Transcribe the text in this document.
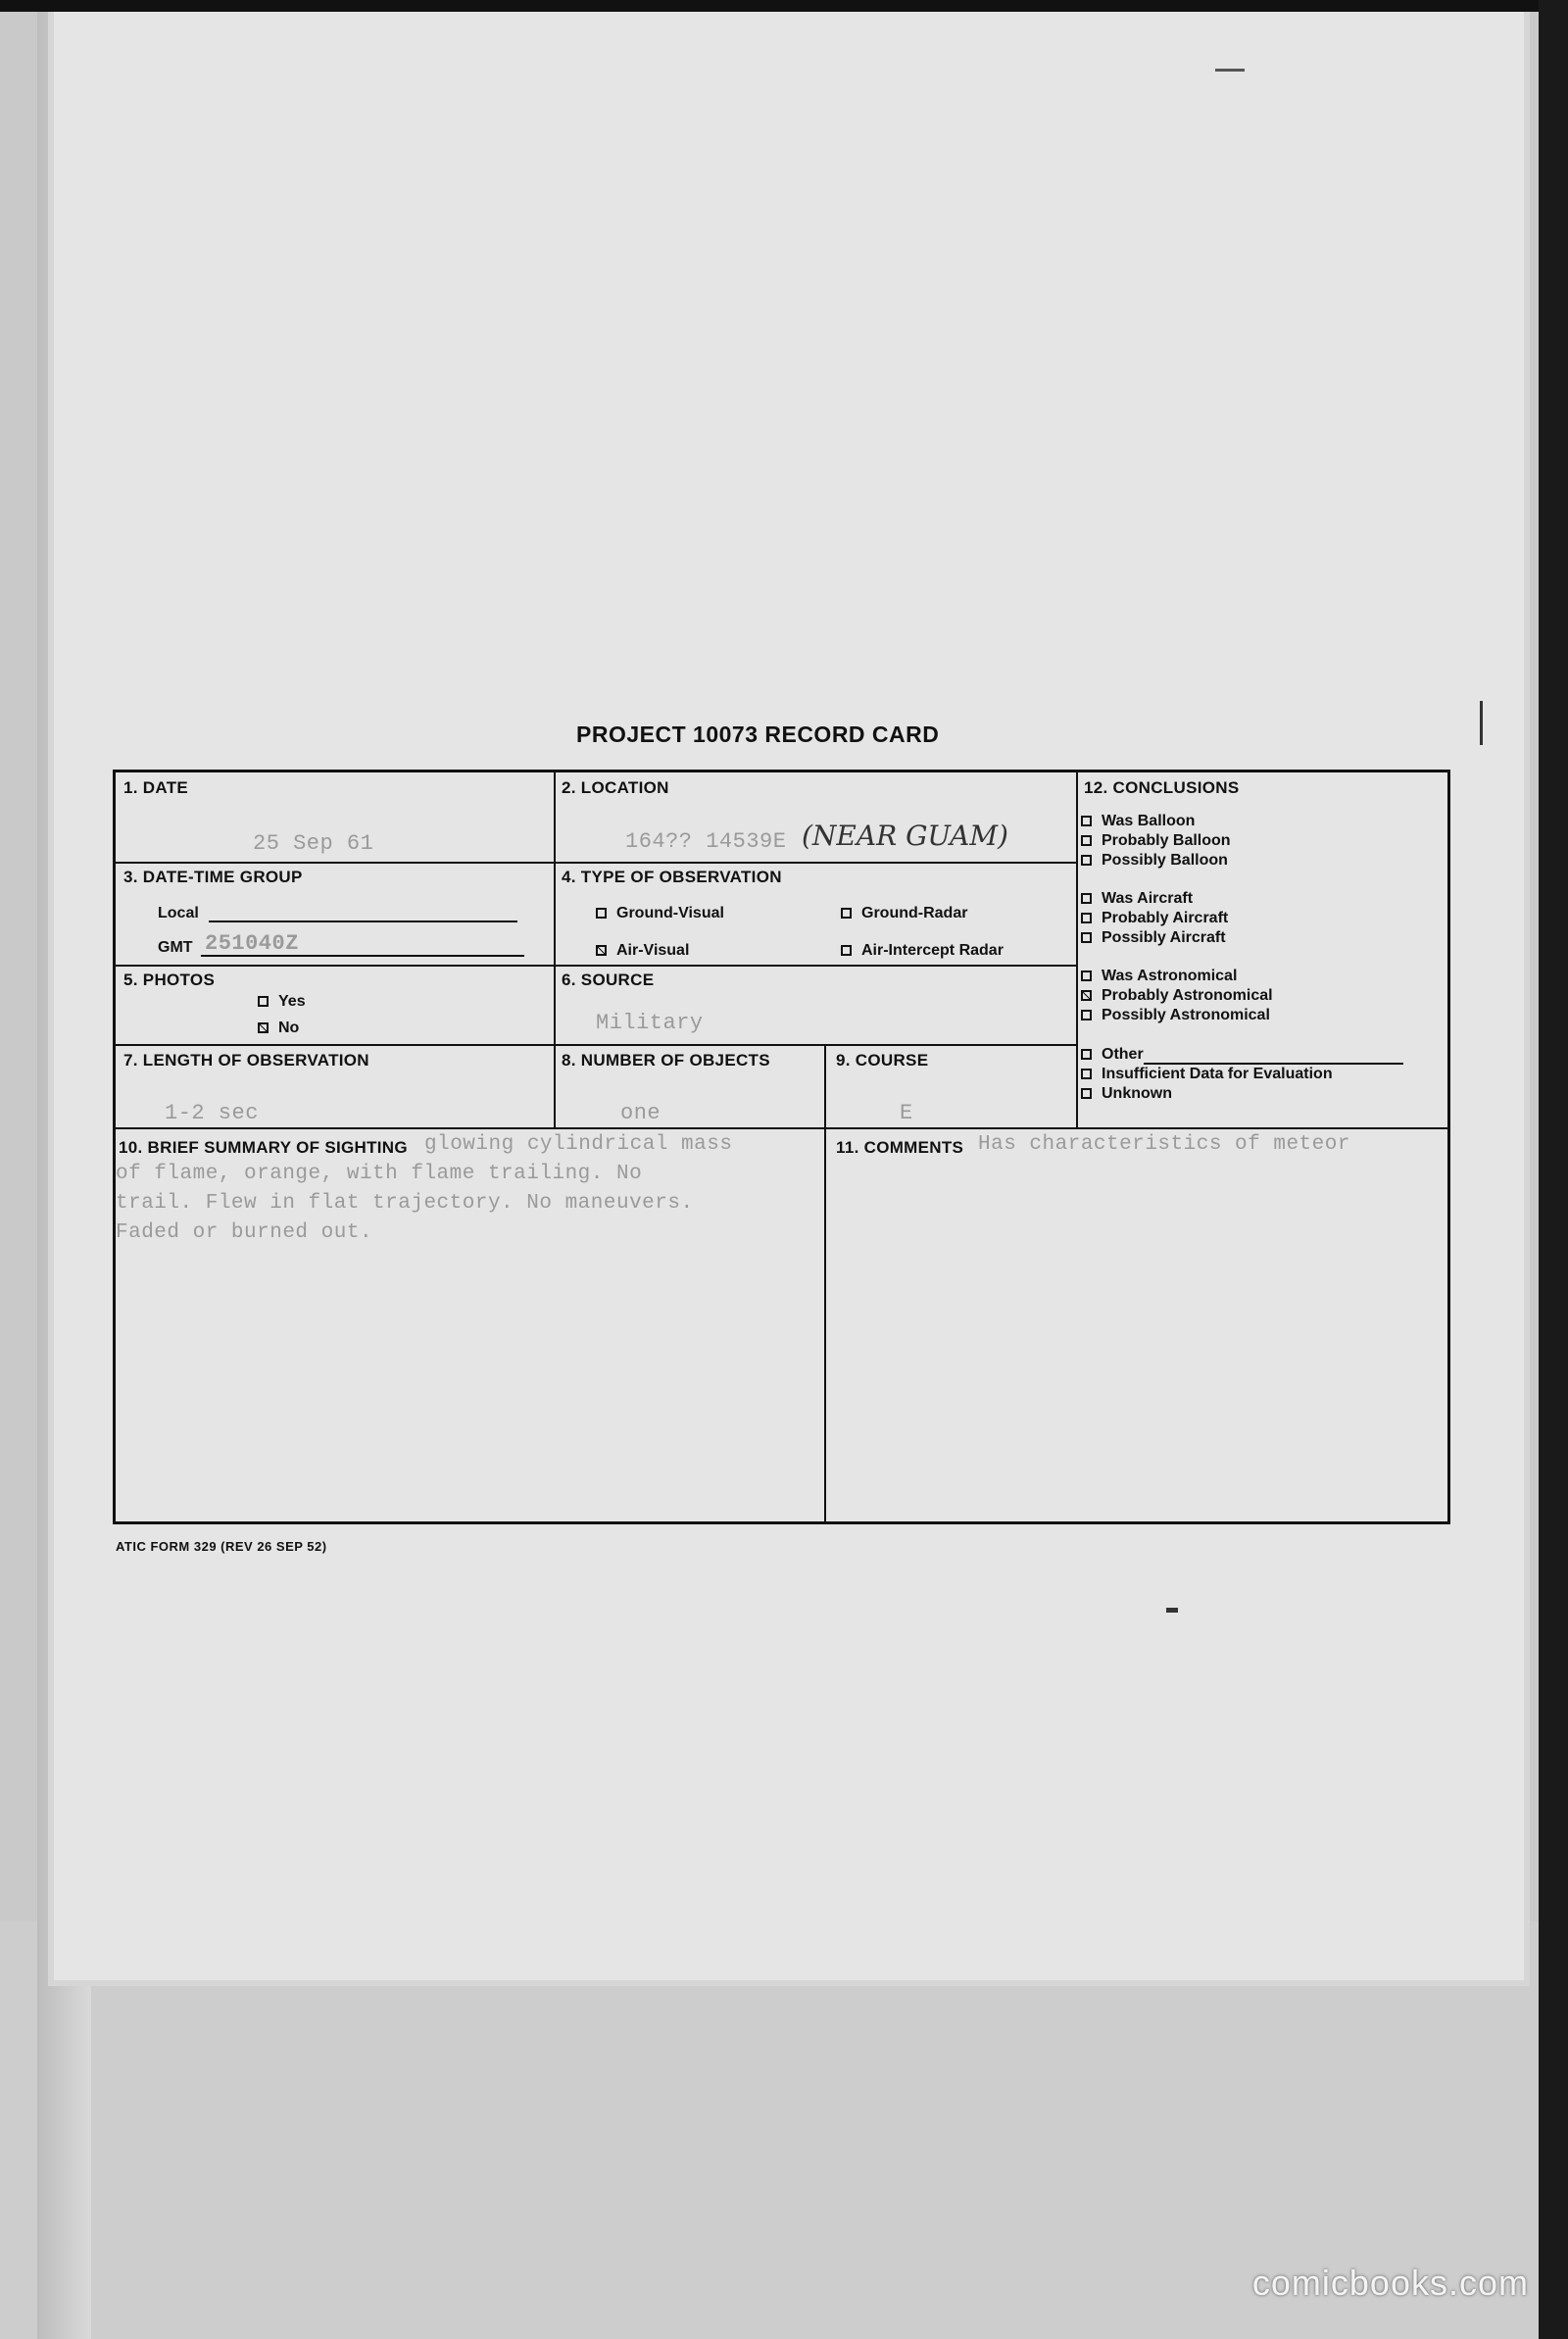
PROJECT 10073 RECORD CARD
1. DATE
25 Sep 61
2. LOCATION
164?? 14539E (NEAR GUAM)
3. DATE-TIME GROUP
Local
GMT 251040Z
4. TYPE OF OBSERVATION
Ground-Visual	Ground-Radar
Air-Visual	Air-Intercept Radar
5. PHOTOS
Yes
No
6. SOURCE
Military
7. LENGTH OF OBSERVATION
1-2 sec
8. NUMBER OF OBJECTS
one
9. COURSE
E
10. BRIEF SUMMARY OF SIGHTING glowing cylindrical mass
of flame, orange, with flame trailing. No
trail. Flew in flat trajectory. No maneuvers.
Faded or burned out.
11. COMMENTS Has characteristics of meteor
12. CONCLUSIONS
Was Balloon
Probably Balloon
Possibly Balloon
Was Aircraft
Probably Aircraft
Possibly Aircraft
Was Astronomical
Probably Astronomical
Possibly Astronomical
Other
Insufficient Data for Evaluation
Unknown
ATIC FORM 329 (REV 26 SEP 52)
comicbooks.com
